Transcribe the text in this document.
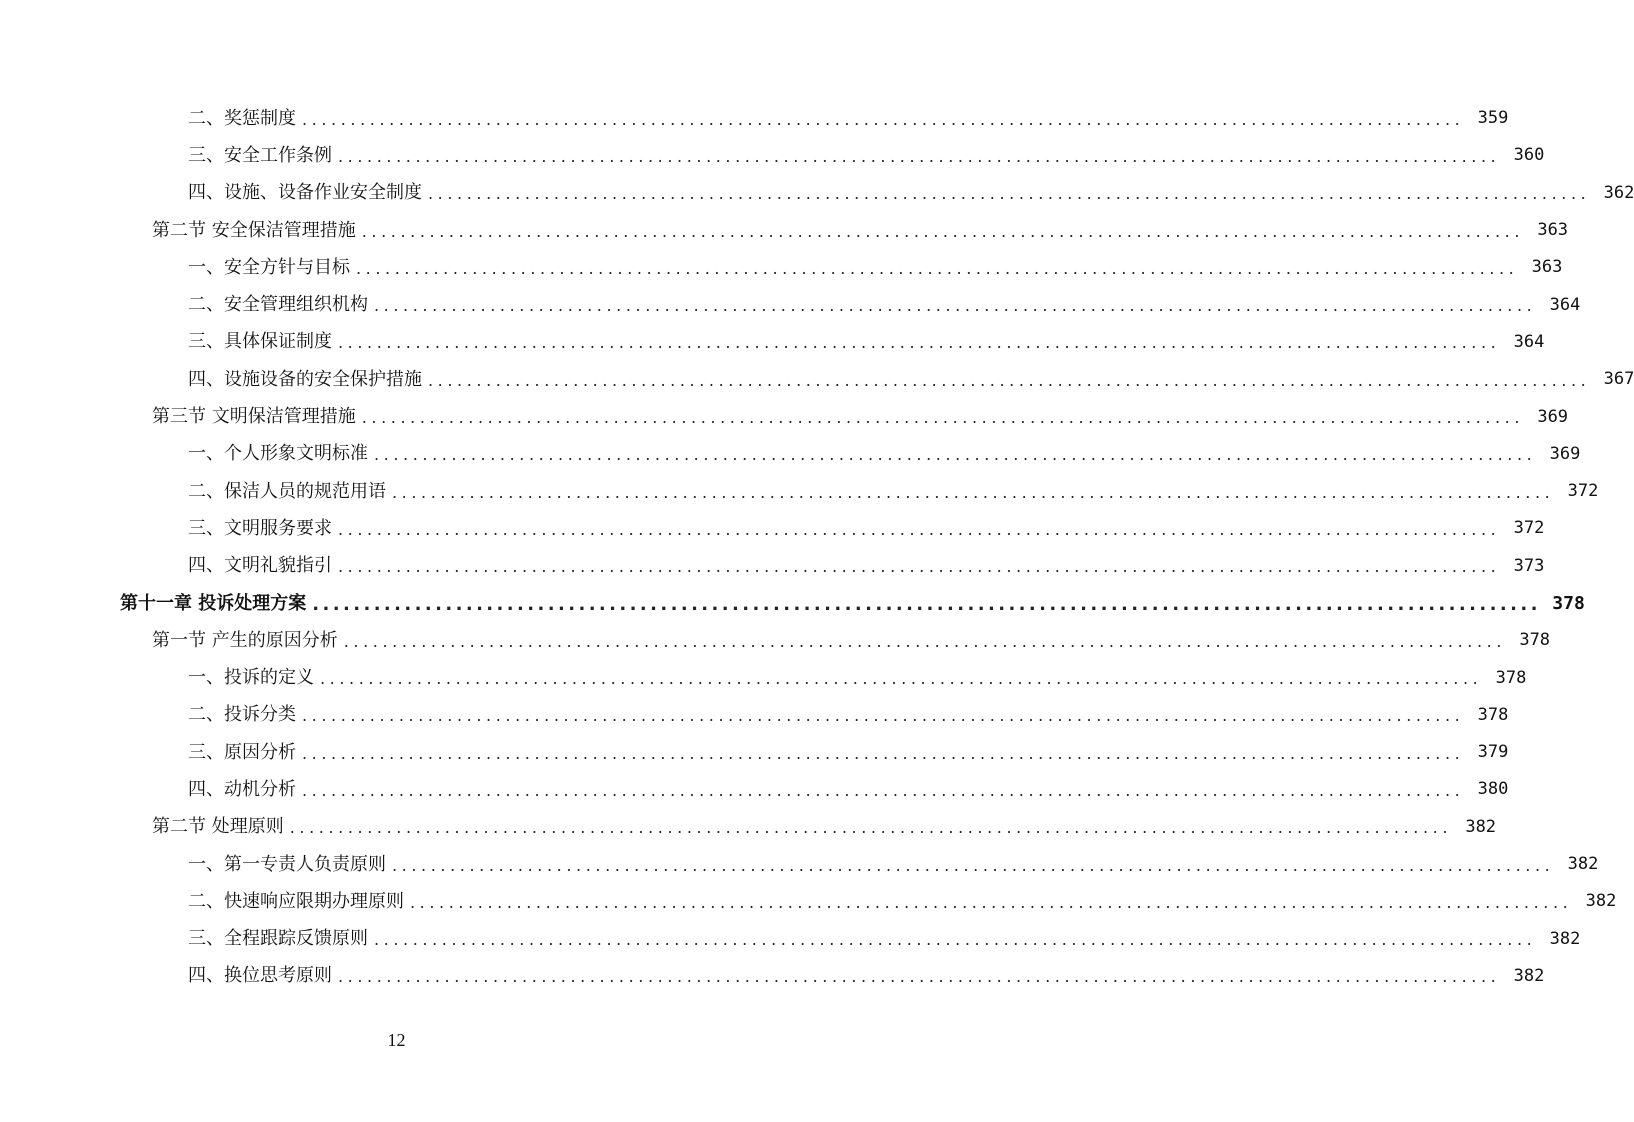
二、奖惩制度 ........................................................................................................................ 359
三、安全工作条例 ........................................................................................................................ 360
四、设施、设备作业安全制度 ........................................................................................................................ 362
第二节 安全保洁管理措施 ........................................................................................................................ 363
一、安全方针与目标 ........................................................................................................................ 363
二、安全管理组织机构 ........................................................................................................................ 364
三、具体保证制度 ........................................................................................................................ 364
四、设施设备的安全保护措施 ........................................................................................................................ 367
第三节 文明保洁管理措施 ........................................................................................................................ 369
一、个人形象文明标准 ........................................................................................................................ 369
二、保洁人员的规范用语 ........................................................................................................................ 372
三、文明服务要求 ........................................................................................................................ 372
四、文明礼貌指引 ........................................................................................................................ 373
第十一章 投诉处理方案 ........................................................................................................................ 378
第一节 产生的原因分析 ........................................................................................................................ 378
一、投诉的定义 ........................................................................................................................ 378
二、投诉分类 ........................................................................................................................ 378
三、原因分析 ........................................................................................................................ 379
四、动机分析 ........................................................................................................................ 380
第二节 处理原则 ........................................................................................................................ 382
一、第一专责人负责原则 ........................................................................................................................ 382
二、快速响应限期办理原则 ........................................................................................................................ 382
三、全程跟踪反馈原则 ........................................................................................................................ 382
四、换位思考原则 ........................................................................................................................ 382
12
